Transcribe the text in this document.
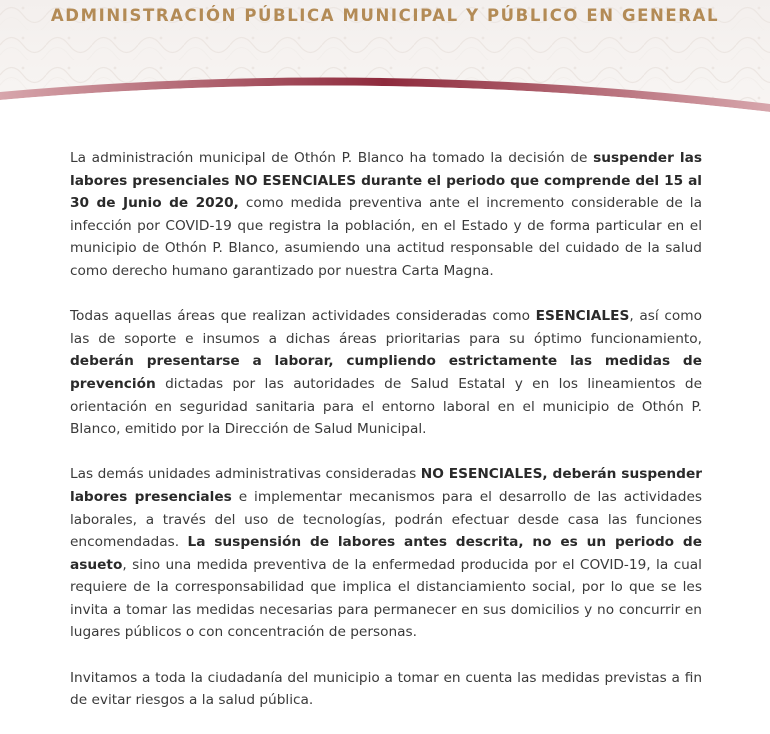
ADMINISTRACIÓN PÚBLICA MUNICIPAL Y PÚBLICO EN GENERAL

La administración municipal de Othón P. Blanco ha tomado la decisión de suspender las labores presenciales NO ESENCIALES durante el periodo que comprende del 15 al 30 de Junio de 2020, como medida preventiva ante el incremento considerable de la infección por COVID-19 que registra la población, en el Estado y de forma particular en el municipio de Othón P. Blanco, asumiendo una actitud responsable del cuidado de la salud como derecho humano garantizado por nuestra Carta Magna.

Todas aquellas áreas que realizan actividades consideradas como ESENCIALES, así como las de soporte e insumos a dichas áreas prioritarias para su óptimo funcionamiento, deberán presentarse a laborar, cumpliendo estrictamente las medidas de prevención dictadas por las autoridades de Salud Estatal y en los lineamientos de orientación en seguridad sanitaria para el entorno laboral en el municipio de Othón P. Blanco, emitido por la Dirección de Salud Municipal.

Las demás unidades administrativas consideradas NO ESENCIALES, deberán suspender labores presenciales e implementar mecanismos para el desarrollo de las actividades laborales, a través del uso de tecnologías, podrán efectuar desde casa las funciones encomendadas. La suspensión de labores antes descrita, no es un periodo de asueto, sino una medida preventiva de la enfermedad producida por el COVID-19, la cual requiere de la corresponsabilidad que implica el distanciamiento social, por lo que se les invita a tomar las medidas necesarias para permanecer en sus domicilios y no concurrir en lugares públicos o con concentración de personas.

Invitamos a toda la ciudadanía del municipio a tomar en cuenta las medidas previstas a fin de evitar riesgos a la salud pública.
